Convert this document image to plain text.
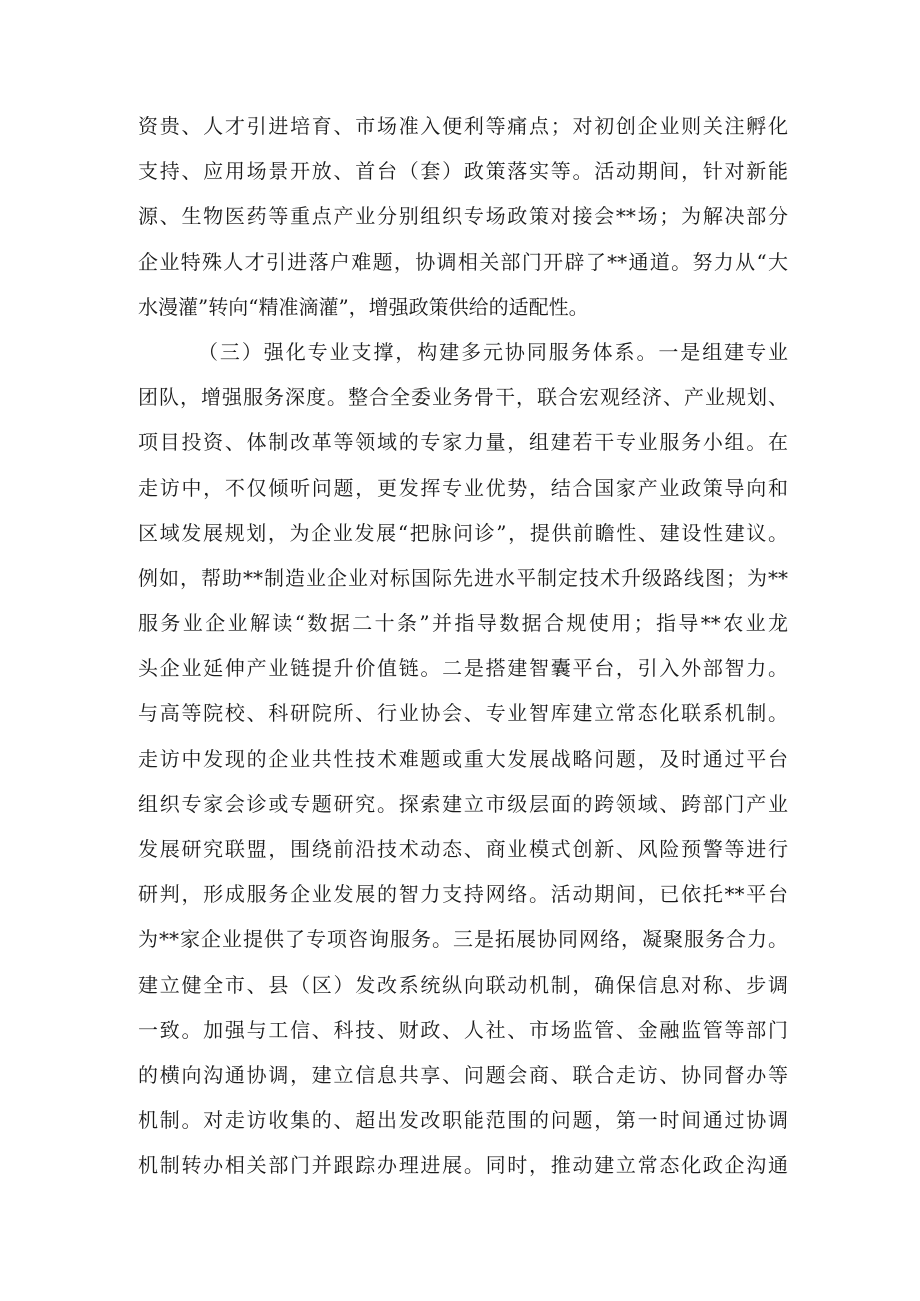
资贵、人才引进培育、市场准入便利等痛点；对初创企业则关注孵化
支持、应用场景开放、首台（套）政策落实等。活动期间，针对新能
源、生物医药等重点产业分别组织专场政策对接会**场；为解决部分
企业特殊人才引进落户难题，协调相关部门开辟了**通道。努力从“大
水漫灌”转向“精准滴灌”，增强政策供给的适配性。
（三）强化专业支撑，构建多元协同服务体系。一是组建专业
团队，增强服务深度。整合全委业务骨干，联合宏观经济、产业规划、
项目投资、体制改革等领域的专家力量，组建若干专业服务小组。在
走访中，不仅倾听问题，更发挥专业优势，结合国家产业政策导向和
区域发展规划，为企业发展“把脉问诊”，提供前瞻性、建设性建议。
例如，帮助**制造业企业对标国际先进水平制定技术升级路线图；为**
服务业企业解读“数据二十条”并指导数据合规使用；指导**农业龙
头企业延伸产业链提升价值链。二是搭建智囊平台，引入外部智力。
与高等院校、科研院所、行业协会、专业智库建立常态化联系机制。
走访中发现的企业共性技术难题或重大发展战略问题，及时通过平台
组织专家会诊或专题研究。探索建立市级层面的跨领域、跨部门产业
发展研究联盟，围绕前沿技术动态、商业模式创新、风险预警等进行
研判，形成服务企业发展的智力支持网络。活动期间，已依托**平台
为**家企业提供了专项咨询服务。三是拓展协同网络，凝聚服务合力。
建立健全市、县（区）发改系统纵向联动机制，确保信息对称、步调
一致。加强与工信、科技、财政、人社、市场监管、金融监管等部门
的横向沟通协调，建立信息共享、问题会商、联合走访、协同督办等
机制。对走访收集的、超出发改职能范围的问题，第一时间通过协调
机制转办相关部门并跟踪办理进展。同时，推动建立常态化政企沟通
